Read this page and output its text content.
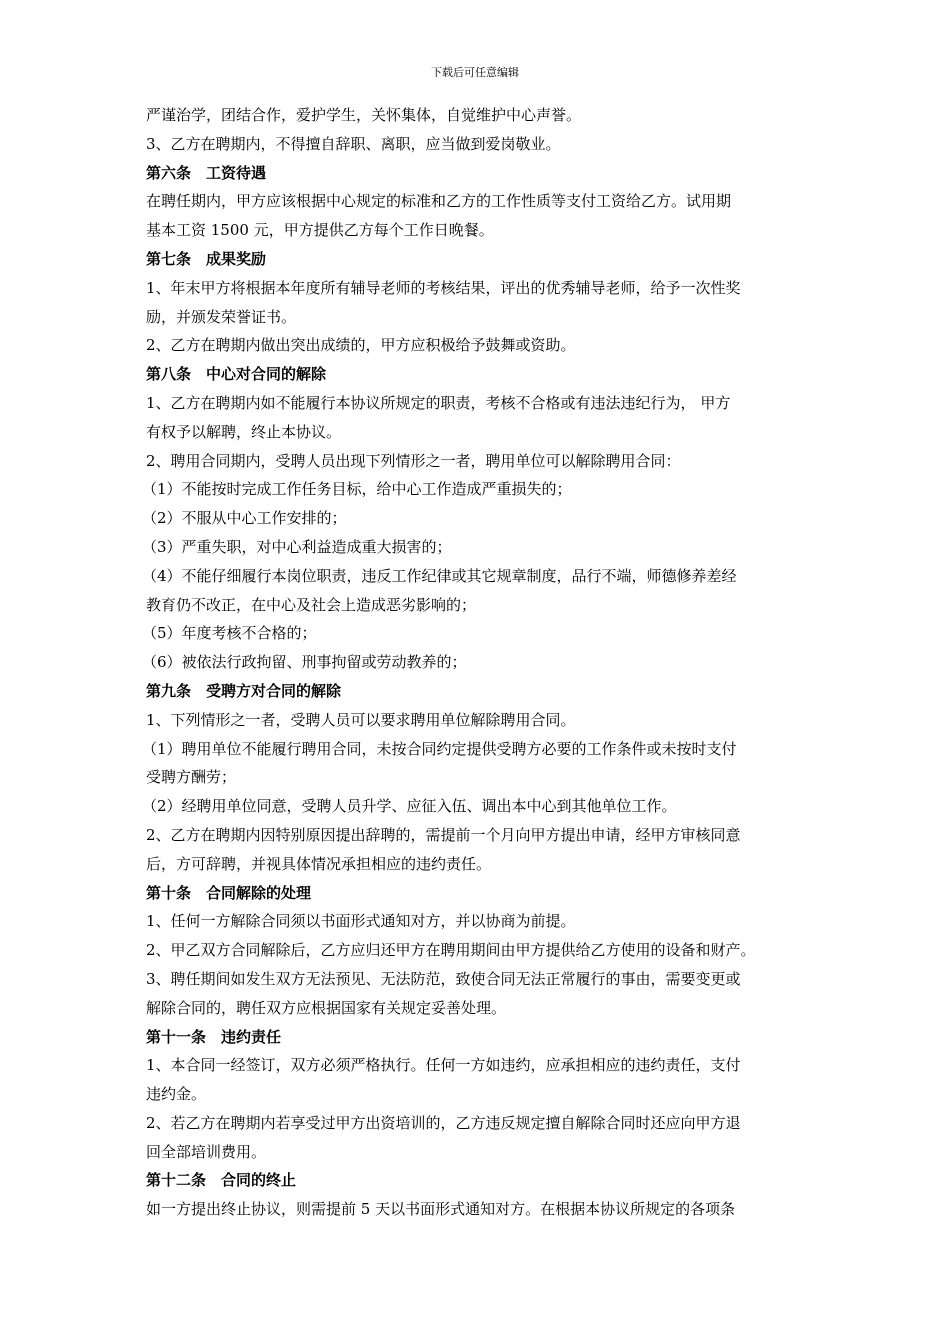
下载后可任意编辑
严谨治学，团结合作，爱护学生，关怀集体，自觉维护中心声誉。
3、乙方在聘期内，不得擅自辞职、离职，应当做到爱岗敬业。
第六条　工资待遇
在聘任期内，甲方应该根据中心规定的标准和乙方的工作性质等支付工资给乙方。试用期
基本工资 1500 元，甲方提供乙方每个工作日晚餐。
第七条　成果奖励
1、年末甲方将根据本年度所有辅导老师的考核结果，评出的优秀辅导老师，给予一次性奖
励，并颁发荣誉证书。
2、乙方在聘期内做出突出成绩的，甲方应积极给予鼓舞或资助。
第八条　中心对合同的解除
1、乙方在聘期内如不能履行本协议所规定的职责，考核不合格或有违法违纪行为， 甲方
有权予以解聘，终止本协议。
2、聘用合同期内，受聘人员出现下列情形之一者，聘用单位可以解除聘用合同：
（1）不能按时完成工作任务目标，给中心工作造成严重损失的；
（2）不服从中心工作安排的；
（3）严重失职，对中心利益造成重大损害的；
（4）不能仔细履行本岗位职责，违反工作纪律或其它规章制度，品行不端，师德修养差经
教育仍不改正，在中心及社会上造成恶劣影响的；
（5）年度考核不合格的；
（6）被依法行政拘留、刑事拘留或劳动教养的；
第九条　受聘方对合同的解除
1、下列情形之一者，受聘人员可以要求聘用单位解除聘用合同。
（1）聘用单位不能履行聘用合同，未按合同约定提供受聘方必要的工作条件或未按时支付
受聘方酬劳；
（2）经聘用单位同意，受聘人员升学、应征入伍、调出本中心到其他单位工作。
2、乙方在聘期内因特别原因提出辞聘的，需提前一个月向甲方提出申请，经甲方审核同意
后，方可辞聘，并视具体情况承担相应的违约责任。
第十条　合同解除的处理
1、任何一方解除合同须以书面形式通知对方，并以协商为前提。
2、甲乙双方合同解除后，乙方应归还甲方在聘用期间由甲方提供给乙方使用的设备和财产。
3、聘任期间如发生双方无法预见、无法防范，致使合同无法正常履行的事由，需要变更或
解除合同的，聘任双方应根据国家有关规定妥善处理。
第十一条　违约责任
1、本合同一经签订，双方必须严格执行。任何一方如违约，应承担相应的违约责任，支付
违约金。
2、若乙方在聘期内若享受过甲方出资培训的，乙方违反规定擅自解除合同时还应向甲方退
回全部培训费用。
第十二条　合同的终止
如一方提出终止协议，则需提前 5 天以书面形式通知对方。在根据本协议所规定的各项条
